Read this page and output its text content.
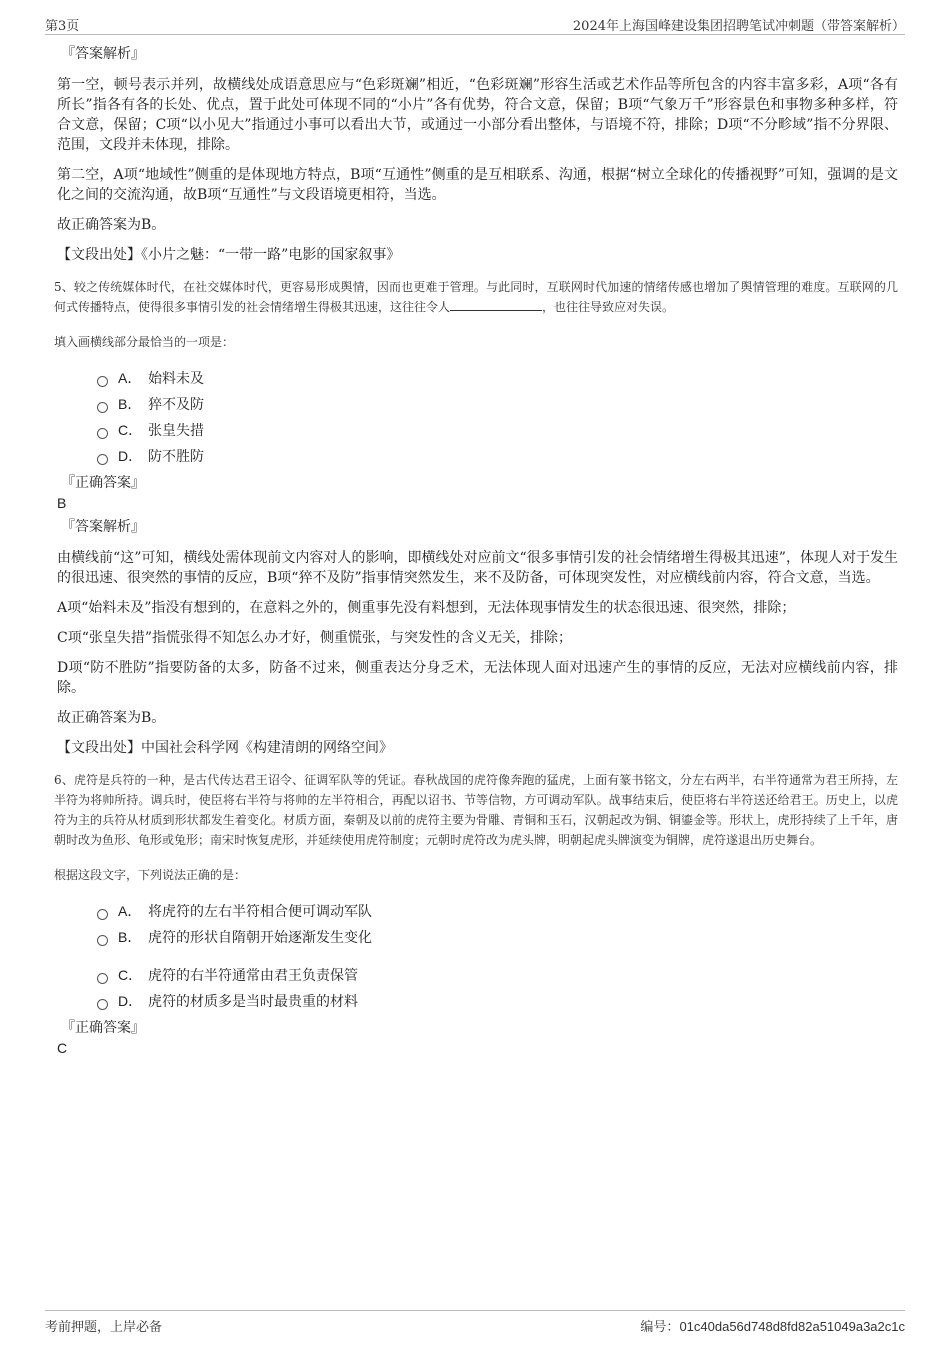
第3页	2024年上海国峰建设集团招聘笔试冲刺题（带答案解析）
『答案解析』

第一空，顿号表示并列，故横线处成语意思应与“色彩斑斓”相近，“色彩斑斓”形容生活或艺术作品等所包含的内容丰富多彩，A项“各有所长”指各有各的长处、优点，置于此处可体现不同的“小片”各有优势，符合文意，保留；B项“气象万千”形容景色和事物多种多样，符合文意，保留；C项“以小见大”指通过小事可以看出大节，或通过一小部分看出整体，与语境不符，排除；D项“不分畛域”指不分界限、范围，文段并未体现，排除。

第二空，A项“地域性”侧重的是体现地方特点，B项“互通性”侧重的是互相联系、沟通，根据“树立全球化的传播视野”可知，强调的是文化之间的交流沟通，故B项“互通性”与文段语境更相符，当选。

故正确答案为B。

【文段出处】《小片之魅：“一带一路”电影的国家叙事》
5、较之传统媒体时代，在社交媒体时代，更容易形成舆情，因而也更难于管理。与此同时，互联网时代加速的情绪传感也增加了舆情管理的难度。互联网的几何式传播特点，使得很多事情引发的社会情绪增生得极其迅速，这往往令人	，也往往导致应对失误。
填入画横线部分最恰当的一项是：
A． 始料未及
B． 猝不及防
C． 张皇失措
D． 防不胜防
『正确答案』
B
『答案解析』

由横线前“这”可知，横线处需体现前文内容对人的影响，即横线处对应前文“很多事情引发的社会情绪增生得极其迅速”，体现人对于发生的很迅速、很突然的事情的反应，B项“猝不及防”指事情突然发生，来不及防备，可体现突发性，对应横线前内容，符合文意，当选。

A项“始料未及”指没有想到的，在意料之外的，侧重事先没有料想到，无法体现事情发生的状态很迅速、很突然，排除；

C项“张皇失措”指慌张得不知怎么办才好，侧重慌张，与突发性的含义无关，排除；

D项“防不胜防”指要防备的太多，防备不过来，侧重表达分身乏术，无法体现人面对迅速产生的事情的反应，无法对应横线前内容，排除。

故正确答案为B。

【文段出处】中国社会科学网《构建清朗的网络空间》
6、虎符是兵符的一种，是古代传达君王诏令、征调军队等的凭证。春秋战国的虎符像奔跑的猛虎，上面有篆书铭文，分左右两半，右半符通常为君王所持，左半符为将帅所持。调兵时，使臣将右半符与将帅的左半符相合，再配以诏书、节等信物，方可调动军队。战事结束后，使臣将右半符送还给君王。历史上，以虎符为主的兵符从材质到形状都发生着变化。材质方面，秦朝及以前的虎符主要为骨雕、青铜和玉石，汉朝起改为铜、铜鎏金等。形状上，虎形持续了上千年，唐朝时改为鱼形、龟形或兔形；南宋时恢复虎形，并延续使用虎符制度；元朝时虎符改为虎头牌，明朝起虎头牌演变为铜牌，虎符遂退出历史舞台。
根据这段文字，下列说法正确的是：
A． 将虎符的左右半符相合便可调动军队
B． 虎符的形状自隋朝开始逐渐发生变化
C． 虎符的右半符通常由君王负责保管
D． 虎符的材质多是当时最贵重的材料
『正确答案』
C
考前押题，上岸必备	编号：01c40da56d748d8fd82a51049a3a2c1c
